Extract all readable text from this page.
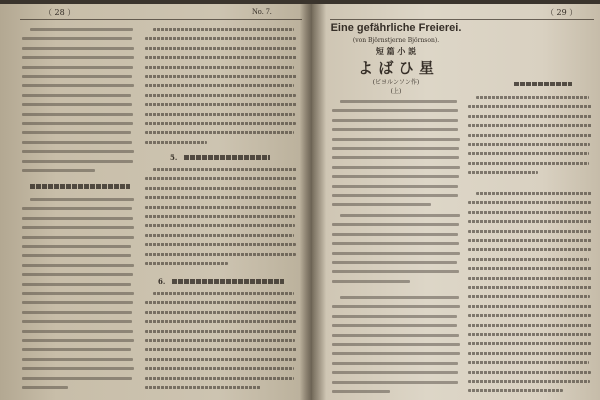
（ 28 ）	No. 7.
5.
6.
（ 29 ）
Eine gefährliche Freierei.
(von Björnstjerne Björnson).
短 篇 小 説
よ ば ひ 星
(ビヨルンソン作)
(上)
